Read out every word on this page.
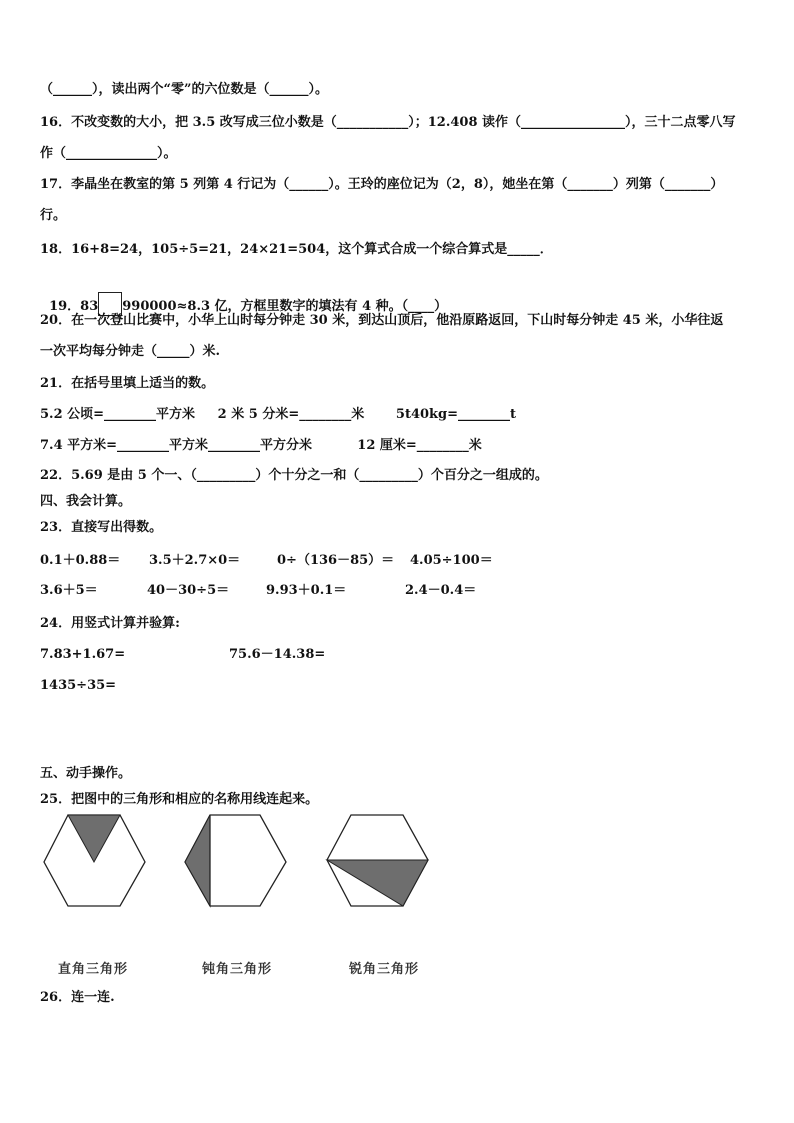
（______），读出两个“零”的六位数是（______）。
16．不改变数的大小，把 3.5 改写成三位小数是（___________）；12.408 读作（________________），三十二点零八写
作（______________）。
17．李晶坐在教室的第 5 列第 4 行记为（______）。王玲的座位记为（2，8），她坐在第（_______）列第（_______）
行。
18．16+8=24，105÷5=21，24×21=504，这个算式合成一个综合算式是_____．

19．83 990000≈8.3 亿，方框里数字的填法有 4 种。（____）

20．在一次登山比赛中，小华上山时每分钟走 30 米，到达山顶后，他沿原路返回，下山时每分钟走 45 米，小华往返
一次平均每分钟走（_____）米.
21．在括号里填上适当的数。
5.2 公顷=________平方米     2 米 5 分米=________米       5t40kg=________t
7.4 平方米=________平方米________平方分米          12 厘米=________米
22．5.69 是由 5 个一、（_________）个十分之一和（_________）个百分之一组成的。
四、我会计算。
23．直接写出得数。
0.1＋0.88＝ 3.5＋2.7×0＝	0÷（136－85）＝ 4.05÷100＝
3.6＋5＝	40－30÷5＝	9.93＋0.1＝	2.4－0.4＝
24．用竖式计算并验算:
7.83+1.67=	75.6－14.38=
1435÷35=
五、动手操作。
25．把图中的三角形和相应的名称用线连起来。
直角三角形	钝角三角形	锐角三角形
26．连一连.
